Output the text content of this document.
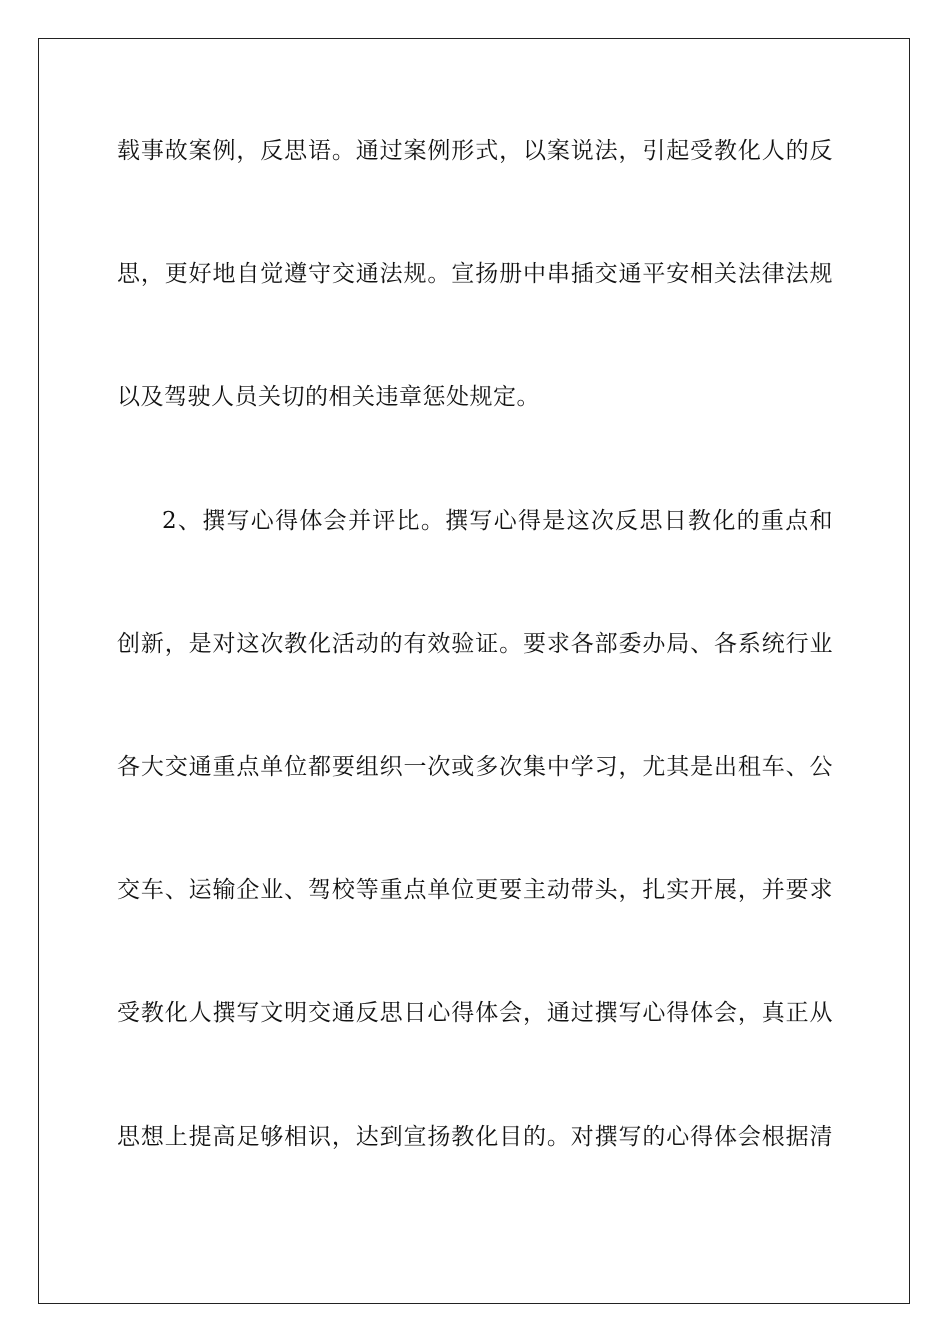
载事故案例，反思语。通过案例形式，以案说法，引起受教化人的反
思，更好地自觉遵守交通法规。宣扬册中串插交通平安相关法律法规
以及驾驶人员关切的相关违章惩处规定。
2、撰写心得体会并评比。撰写心得是这次反思日教化的重点和
创新，是对这次教化活动的有效验证。要求各部委办局、各系统行业
各大交通重点单位都要组织一次或多次集中学习，尤其是出租车、公
交车、运输企业、驾校等重点单位更要主动带头，扎实开展，并要求
受教化人撰写文明交通反思日心得体会，通过撰写心得体会，真正从
思想上提高足够相识，达到宣扬教化目的。对撰写的心得体会根据清
